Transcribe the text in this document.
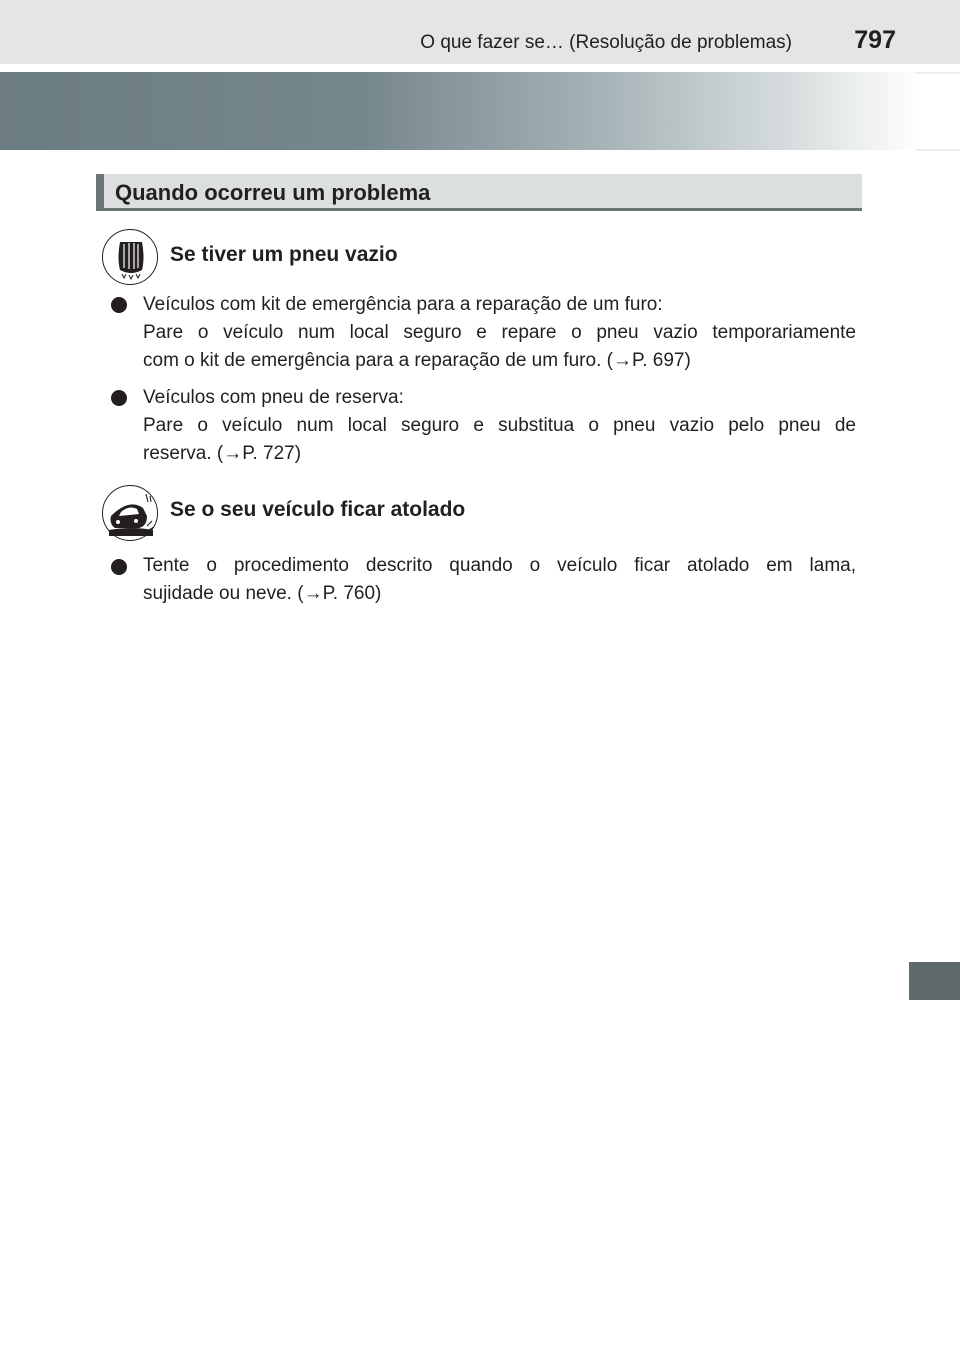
O que fazer se… (Resolução de problemas) 797
Quando ocorreu um problema
Se tiver um pneu vazio
Veículos com kit de emergência para a reparação de um furo:
Pare o veículo num local seguro e repare o pneu vazio temporariamente
com o kit de emergência para a reparação de um furo. (→P. 697)
Veículos com pneu de reserva:
Pare o veículo num local seguro e substitua o pneu vazio pelo pneu de
reserva. (→P. 727)
Se o seu veículo ficar atolado
Tente o procedimento descrito quando o veículo ficar atolado em lama,
sujidade ou neve. (→P. 760)
